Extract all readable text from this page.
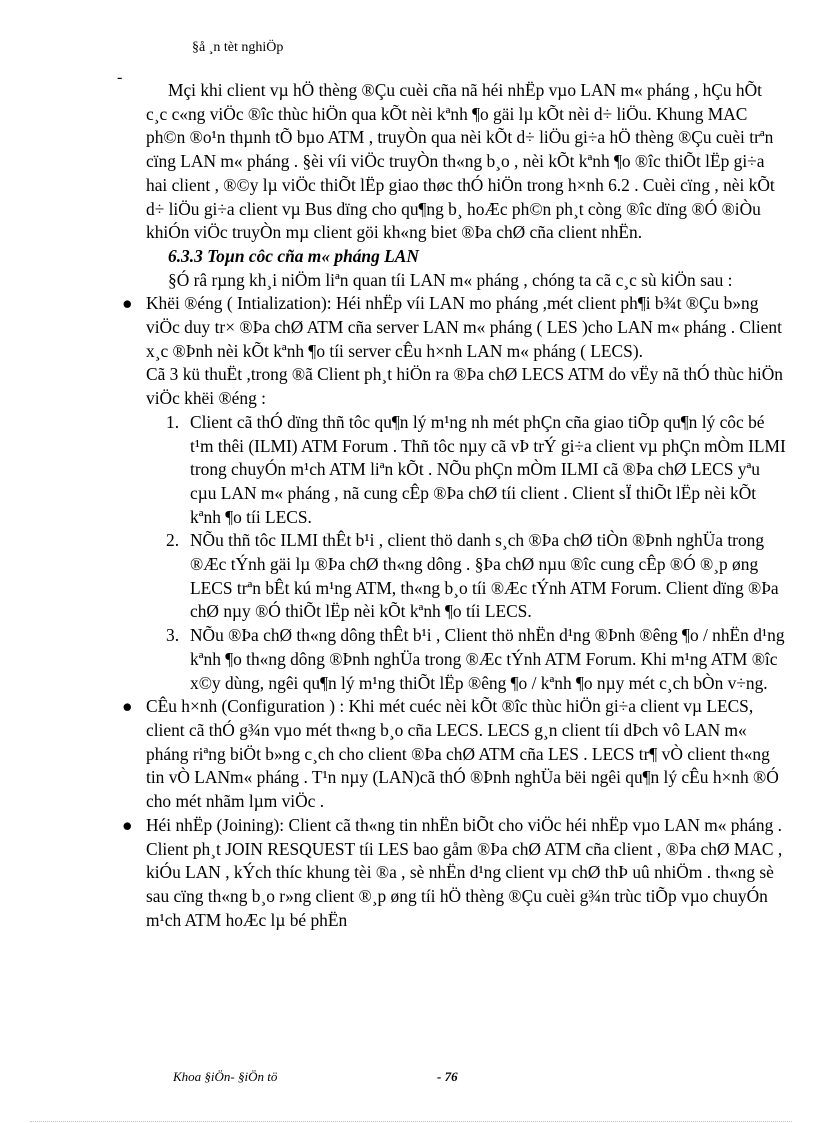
§å ¸n tèt nghiÖp
-

Mçi khi client vµ hÖ thèng ®Çu cuèi cña nã héi nhËp vµo LAN m« pháng , hÇu hÕt c¸c c«ng viÖc ®îc thùc hiÖn qua kÕt nèi kªnh ¶o gäi lµ kÕt nèi d÷ liÖu. Khung MAC ph©n ®o¹n thµnh tÕ bµo ATM , truyÒn qua nèi kÕt d÷ liÖu gi÷a hÖ thèng ®Çu cuèi trªn cïng LAN m« pháng . §èi víi viÖc truyÒn th«ng b¸o , nèi kÕt kªnh ¶o ®îc thiÕt lËp gi÷a hai client , ®©y lµ viÖc thiÕt lËp giao thøc thÓ hiÖn trong h×nh 6.2 . Cuèi cïng , nèi kÕt d÷ liÖu gi÷a client vµ Bus dïng cho qu¶ng b¸ hoÆc ph©n ph¸t còng ®îc dïng ®Ó ®iÒu khiÓn viÖc truyÒn mµ client göi kh«ng biet ®Þa chØ cña client nhËn.

6.3.3 Toµn côc cña m« pháng LAN

§Ó râ rµng kh¸i niÖm liªn quan tíi LAN m« pháng , chóng ta cã c¸c sù kiÖn sau :

● Khëi ®éng ( Intialization): Héi nhËp víi LAN mo pháng ,mét client ph¶i b¾t ®Çu b»ng viÖc duy tr× ®Þa chØ ATM cña server LAN m« pháng ( LES )cho LAN m« pháng . Client x¸c ®Þnh nèi kÕt kªnh ¶o tíi server cÊu h×nh LAN m« pháng ( LECS).

Cã 3 kü thuËt ,trong ®ã Client ph¸t hiÖn ra ®Þa chØ LECS ATM do vËy nã thÓ thùc hiÖn viÖc khëi ®éng :

1. Client cã thÓ dïng thñ tôc qu¶n lý m¹ng nh mét phÇn cña giao tiÕp qu¶n lý côc bé t¹m thêi (ILMI) ATM Forum . Thñ tôc nµy cã vÞ trÝ gi÷a client vµ phÇn mÒm ILMI trong chuyÓn m¹ch ATM liªn kÕt . NÕu phÇn mÒm ILMI cã ®Þa chØ LECS yªu cµu LAN m« pháng , nã cung cÊp ®Þa chØ tíi client . Client sÏ thiÕt lËp nèi kÕt kªnh ¶o tíi LECS.
2. NÕu thñ tôc ILMI thÊt b¹i , client thö danh s¸ch ®Þa chØ tiÒn ®Þnh nghÜa trong ®Æc tÝnh gäi lµ ®Þa chØ th«ng dông . §Þa chØ nµu ®îc cung cÊp ®Ó ®¸p øng LECS trªn bÊt kú m¹ng ATM, th«ng b¸o tíi ®Æc tÝnh ATM Forum. Client dïng ®Þa chØ nµy ®Ó thiÕt lËp nèi kÕt kªnh ¶o tíi LECS.
3. NÕu ®Þa chØ th«ng dông thÊt b¹i , Client thö nhËn d¹ng ®Þnh ®êng ¶o / nhËn d¹ng kªnh ¶o th«ng dông ®Þnh nghÜa trong ®Æc tÝnh ATM Forum. Khi m¹ng ATM ®îc x©y dùng, ngêi qu¶n lý m¹ng thiÕt lËp ®êng ¶o / kªnh ¶o nµy mét c¸ch bÒn v÷ng.
● CÊu h×nh (Configuration ) : Khi mét cuéc nèi kÕt ®îc thùc hiÖn gi÷a client vµ LECS, client cã thÓ g¾n vµo mét th«ng b¸o cña LECS. LECS g¸n client tíi dÞch vô LAN m« pháng riªng biÖt b»ng c¸ch cho client ®Þa chØ ATM cña LES . LECS tr¶ vÒ client th«ng tin vÒ LANm« pháng . T¹n nµy (LAN)cã thÓ ®Þnh nghÜa bëi ngêi qu¶n lý cÊu h×nh ®Ó cho mét nhãm lµm viÖc .
● Héi nhËp (Joining): Client cã th«ng tin nhËn biÕt cho viÖc héi nhËp vµo LAN m« pháng . Client ph¸t JOIN RESQUEST tíi LES bao gåm ®Þa chØ ATM cña client , ®Þa chØ MAC , kiÓu LAN , kÝch thíc khung tèi ®a , sè nhËn d¹ng client vµ chØ thÞ uû nhiÖm . th«ng sè sau cïng th«ng b¸o r»ng client ®¸p øng tíi hÖ thèng ®Çu cuèi g¾n trùc tiÕp vµo chuyÓn m¹ch ATM hoÆc lµ bé phËn
Khoa §iÖn- §iÖn tö	- 76
